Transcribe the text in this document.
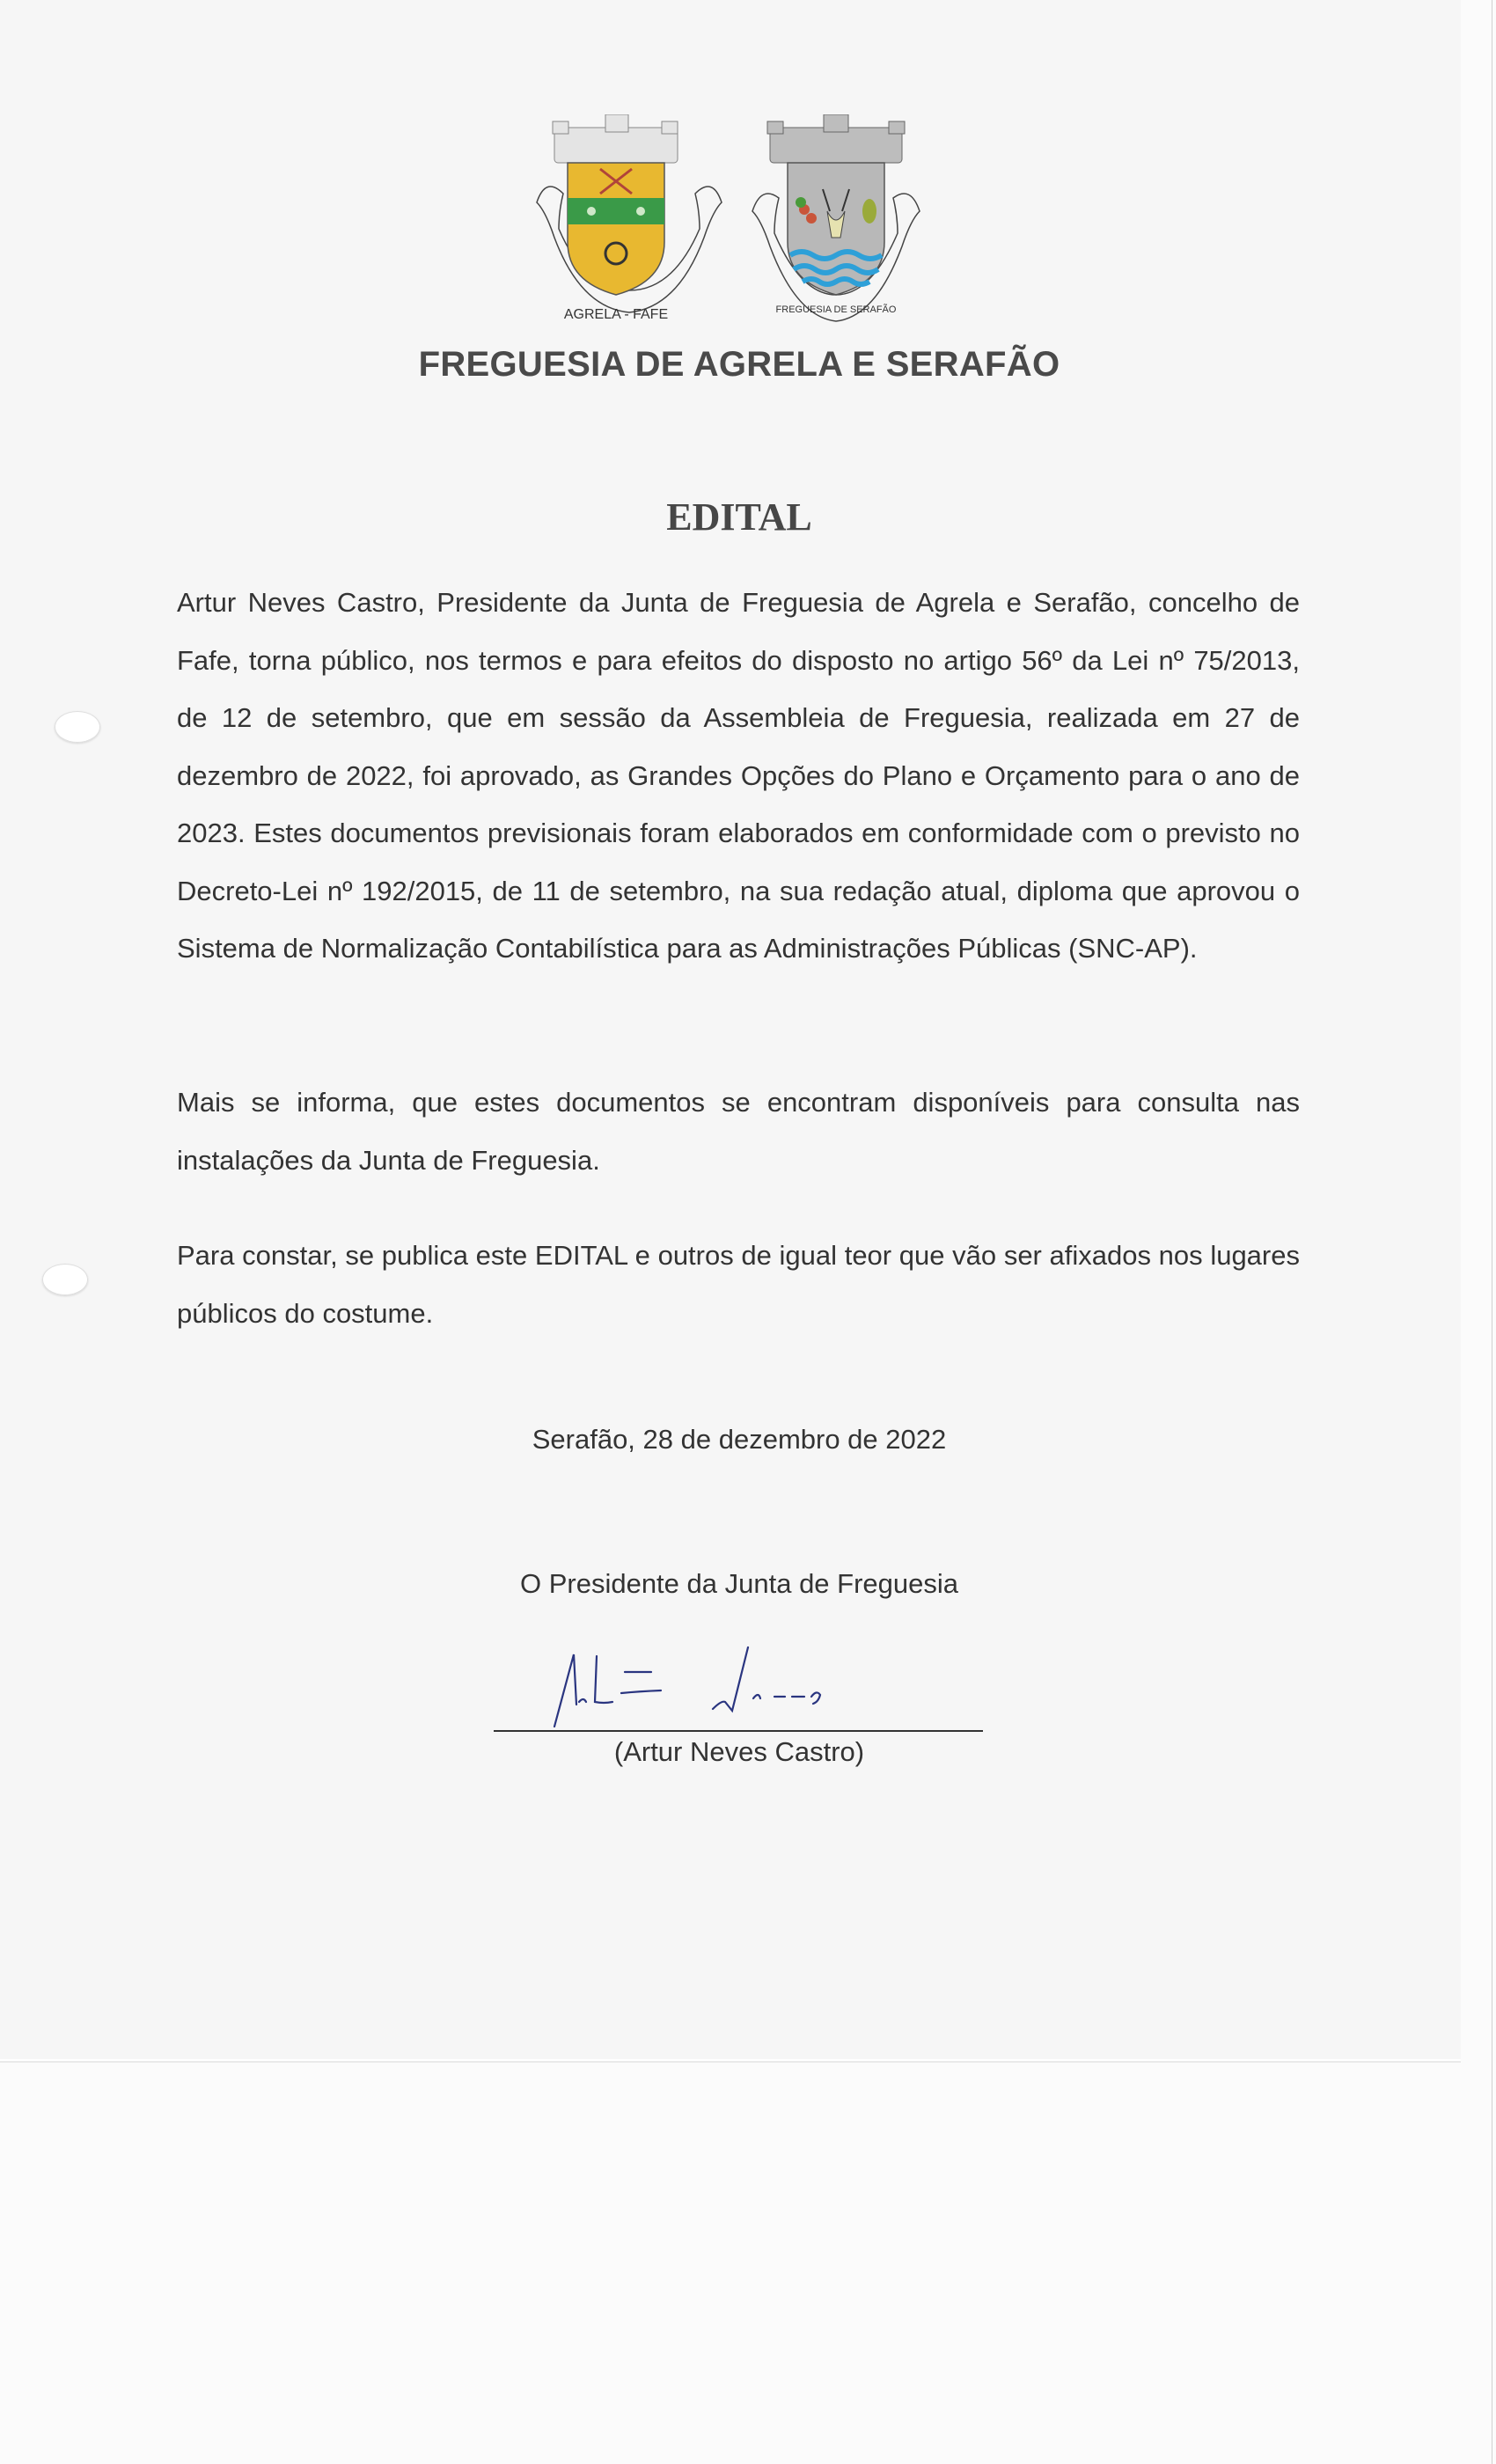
AGRELA - FAFE	FREGUESIA DE SERAFÃO
FREGUESIA DE AGRELA E SERAFÃO
EDITAL
Artur Neves Castro, Presidente da Junta de Freguesia de Agrela e Serafão, concelho de Fafe, torna público, nos termos e para efeitos do disposto no artigo 56º da Lei nº 75/2013, de 12 de setembro, que em sessão da Assembleia de Freguesia, realizada em 27 de dezembro de 2022, foi aprovado, as Grandes Opções do Plano e Orçamento para o ano de 2023. Estes documentos previsionais foram elaborados em conformidade com o previsto no Decreto-Lei nº 192/2015, de 11 de setembro, na sua redação atual, diploma que aprovou o Sistema de Normalização Contabilística para as Administrações Públicas (SNC-AP).
Mais se informa, que estes documentos se encontram disponíveis para consulta nas instalações da Junta de Freguesia.
Para constar, se publica este EDITAL e outros de igual teor que vão ser afixados nos lugares públicos do costume.
Serafão, 28 de dezembro de 2022
O Presidente da Junta de Freguesia
(Artur Neves Castro)
